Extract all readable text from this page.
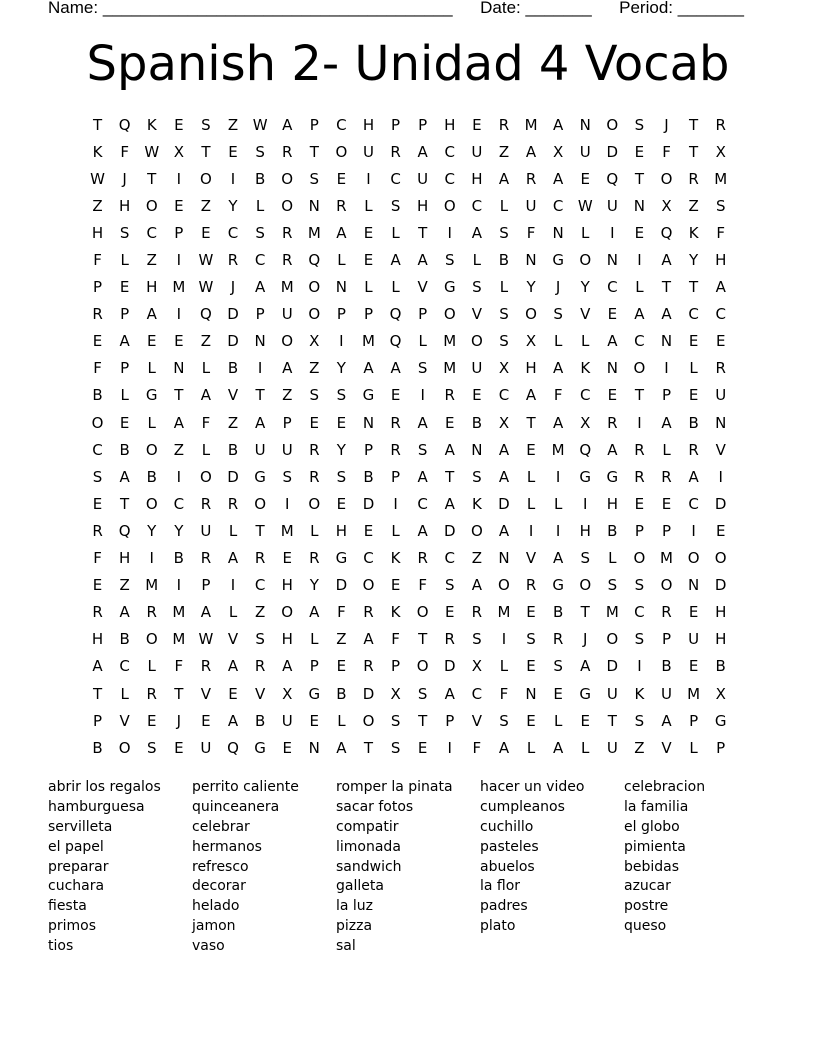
Name: _____________________________________ Date: _______ Period: _______
Spanish 2- Unidad 4 Vocab
T	Q	K	E	S	Z W A	P	C	H	P	P	H	E	R	M	A	N	O	S	J	T	R
K	F	W X	T	E	S	R	T	O	U	R	A	C	U	Z	A	X	U	D	E	F	T	X
W	J	T	I	O	I	B	O	S	E	I	C	U	C	H	A	R	A	E	Q	T	O	R	M
Z	H	O	E	Z	Y	L	O	N	R	L	S	H	O	C	L	U	C W U	N	X	Z	S
H	S	C	P	E	C	S	R	M	A	E	L	T	I	A	S	F	N	L	I	E	Q	K	F
F	L	Z	I	W R	C	R	Q	L	E	A	A	S	L	B	N	G	O	N	I	A	Y	H
P	E	H M W	J	A	M O	N	L	L	V	G	S	L	Y	J	Y	C	L	T	T	A
R	P	A	I	Q	D	P	U	O	P	P	Q	P	O	V	S	O	S	V	E	A	A	C	C
E	A	E	E	Z	D	N	O	X	I	M Q	L	M O	S	X	L	L	A	C	N	E	E
F	P	L	N	L	B	I	A	Z	Y	A	A	S	M	U	X	H	A	K	N	O	I	L	R
B	L	G	T	A	V	T	Z	S	S	G	E	I	R	E	C	A	F	C	E	T	P	E	U
O	E	L	A	F	Z	A	P	E	E	N	R	A	E	B	X	T	A	X	R	I	A	B	N
C	B	O	Z	L	B	U	U	R	Y	P	R	S	A	N	A	E	M Q	A	R	L	R	V
S	A	B	I	O	D	G	S	R	S	B	P	A	T	S	A	L	I	G	G	R	R	A	I
E	T	O	C	R	R	O	I	O	E	D	I	C	A	K	D	L	L	I	H	E	E	C	D
R	Q	Y	Y	U	L	T	M	L	H	E	L	A	D	O	A	I	I	H	B	P	P	I	E
F	H	I	B	R	A	R	E	R	G	C	K	R	C	Z	N	V	A	S	L	O M O	O
E	Z	M	I	P	I	C	H	Y	D	O	E	F	S	A	O	R	G	O	S	S	O	N	D
R	A	R	M	A	L	Z	O	A	F	R	K	O	E	R	M	E	B	T	M	C	R	E	H
H	B	O M W V	S	H	L	Z	A	F	T	R	S	I	S	R	J	O	S	P	U	H
A	C	L	F	R	A	R	A	P	E	R	P	O	D	X	L	E	S	A	D	I	B	E	B
T	L	R	T	V	E	V	X	G	B	D	X	S	A	C	F	N	E	G	U	K	U	M	X
P	V	E	J	E	A	B	U	E	L	O	S	T	P	V	S	E	L	E	T	S	A	P	G
B	O	S	E	U	Q	G	E	N	A	T	S	E	I	F	A	L	A	L	U	Z	V	L	P
abrir los regalos
hamburguesa
servilleta
el papel
preparar
cuchara
fiesta
primos
tios
perrito caliente
quinceanera
celebrar
hermanos
refresco
decorar
helado
jamon
vaso
romper la pinata
sacar fotos
compatir
limonada
sandwich
galleta
la luz
pizza
sal
hacer un video
cumpleanos
cuchillo
pasteles
abuelos
la flor
padres
plato
celebracion
la familia
el globo
pimienta
bebidas
azucar
postre
queso
